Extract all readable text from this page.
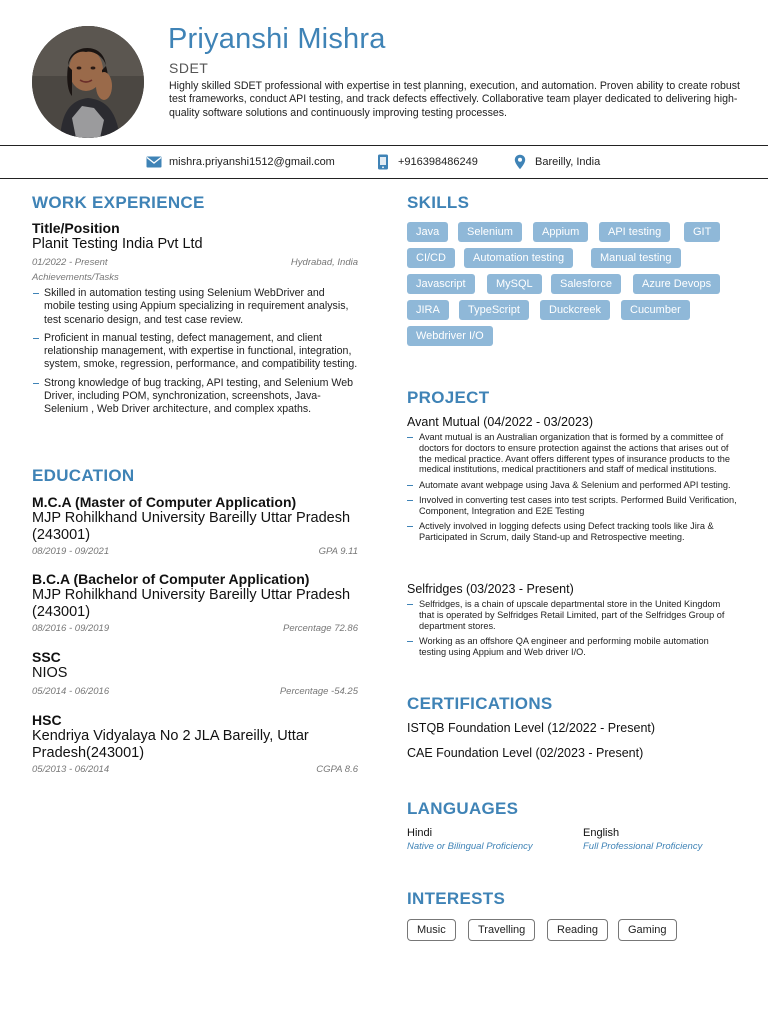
Priyanshi Mishra
SDET
Highly skilled SDET professional with expertise in test planning, execution, and automation. Proven ability to create robust test frameworks, conduct API testing, and track defects effectively. Collaborative team player dedicated to delivering high-quality software solutions and continuously improving testing processes.
mishra.priyanshi1512@gmail.com	+916398486249	Bareilly, India
WORK EXPERIENCE
Title/Position
Planit Testing India Pvt Ltd
01/2022 - Present	Hydrabad, India
Achievements/Tasks
Skilled in automation testing using Selenium WebDriver and mobile testing using Appium specializing in requirement analysis, test scenario design, and test case review.
Proficient in manual testing, defect management, and client relationship management, with expertise in functional, integration, system, smoke, regression, performance, and compatibility testing.
Strong knowledge of bug tracking, API testing, and Selenium Web Driver, including POM, synchronization, screenshots, Java-Selenium , Web Driver architecture, and complex xpaths.
EDUCATION
M.C.A (Master of Computer Application)
MJP Rohilkhand University Bareilly Uttar Pradesh (243001)
08/2019 - 09/2021	GPA 9.11
B.C.A (Bachelor of Computer Application)
MJP Rohilkhand University Bareilly Uttar Pradesh (243001)
08/2016 - 09/2019	Percentage 72.86
SSC
NIOS
05/2014 - 06/2016	Percentage -54.25
HSC
Kendriya Vidyalaya No 2 JLA Bareilly, Uttar Pradesh(243001)
05/2013 - 06/2014	CGPA 8.6
SKILLS
Java	Selenium	Appium	API testing	GIT
CI/CD	Automation testing	Manual testing
Javascript	MySQL	Salesforce	Azure Devops
JIRA	TypeScript	Duckcreek	Cucumber
Webdriver I/O
PROJECT
Avant Mutual (04/2022 - 03/2023)
Avant mutual is an Australian organization that is formed by a committee of doctors for doctors to ensure protection against the actions that arises out of the medical practice. Avant offers different types of insurance products to the medical institutions, medical practitioners and staff of medical institutions.
Automate avant webpage using Java & Selenium and performed API testing.
Involved in converting test cases into test scripts. Performed Build Verification, Component, Integration and E2E Testing
Actively involved in logging defects using Defect tracking tools like Jira & Participated in Scrum, daily Stand-up and Retrospective meeting.
Selfridges (03/2023 - Present)
Selfridges, is a chain of upscale departmental store in the United Kingdom that is operated by Selfridges Retail Limited, part of the Selfridges Group of department stores.
Working as an offshore QA engineer and performing mobile automation testing using Appium and Web driver I/O.
CERTIFICATIONS
ISTQB Foundation Level (12/2022 - Present)
CAE Foundation Level (02/2023 - Present)
LANGUAGES
Hindi
Native or Bilingual Proficiency
English
Full Professional Proficiency
INTERESTS
Music	Travelling	Reading	Gaming
